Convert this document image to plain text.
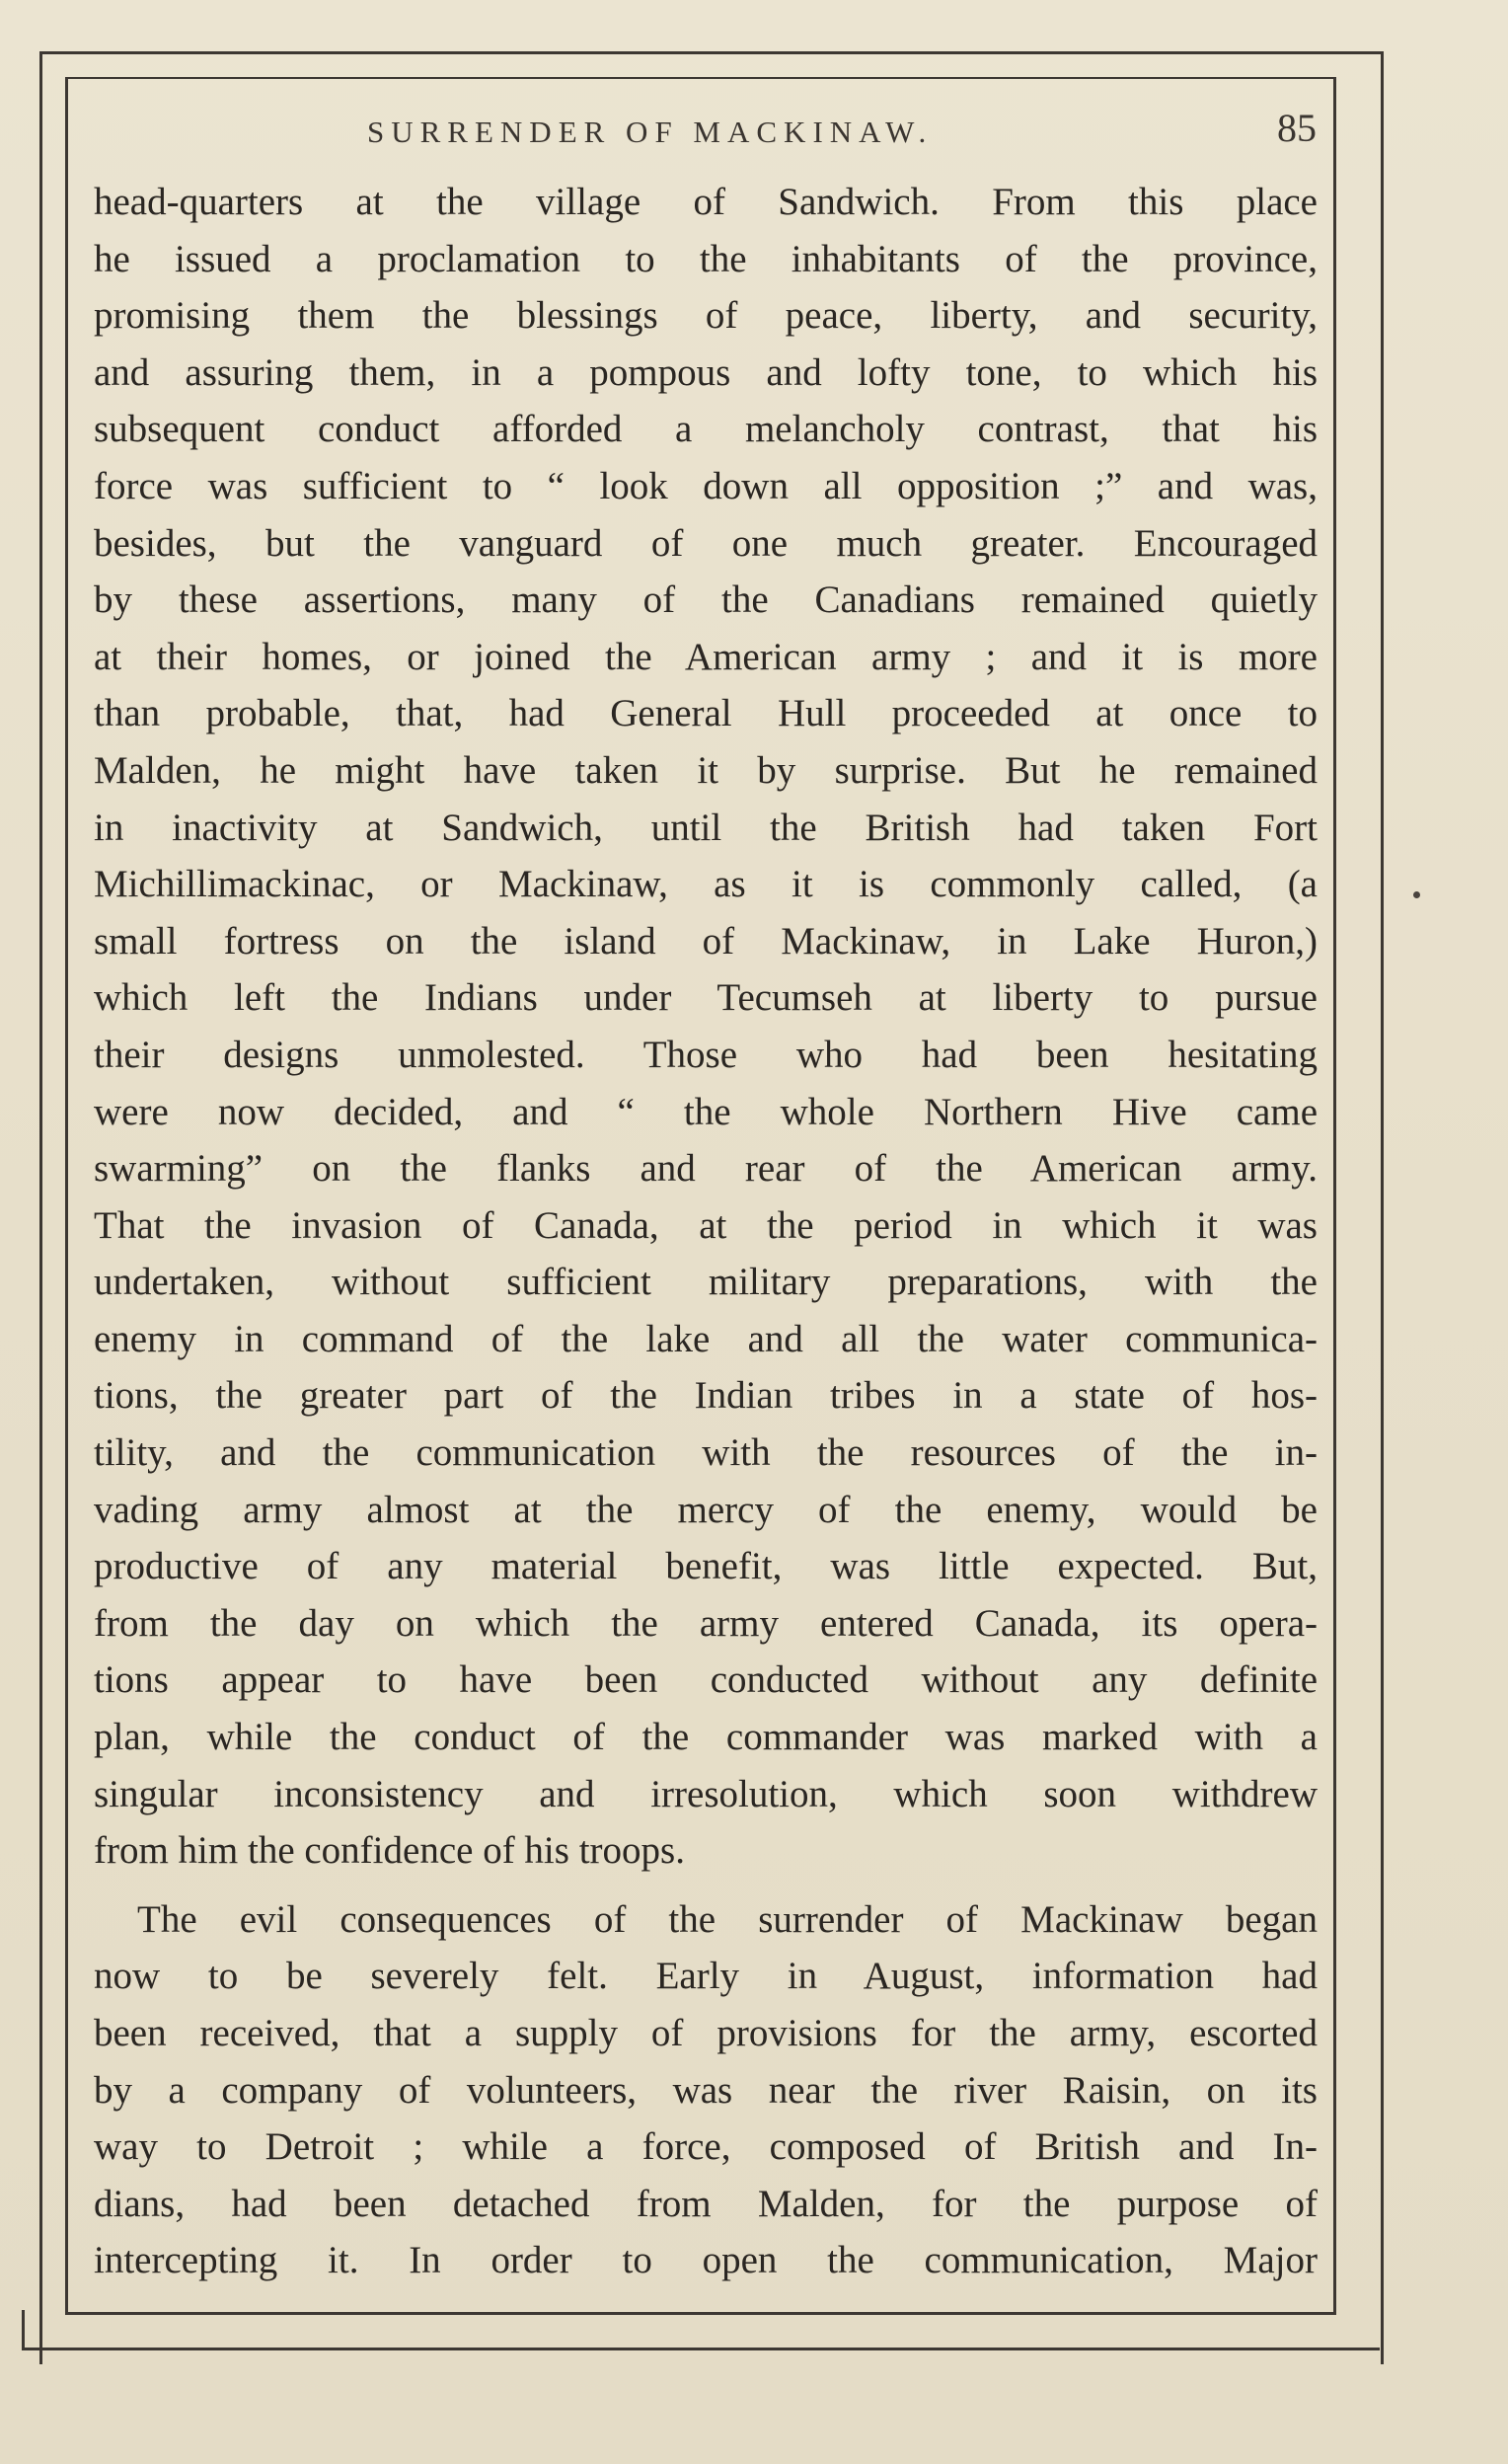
SURRENDER OF MACKINAW.	85
head-quarters at the village of Sandwich. From this place
he issued a proclamation to the inhabitants of the province,
promising them the blessings of peace, liberty, and security,
and assuring them, in a pompous and lofty tone, to which his
subsequent conduct afforded a melancholy contrast, that his
force was sufficient to “ look down all opposition ;” and was,
besides, but the vanguard of one much greater. Encouraged
by these assertions, many of the Canadians remained quietly
at their homes, or joined the American army ; and it is more
than probable, that, had General Hull proceeded at once to
Malden, he might have taken it by surprise. But he remained
in inactivity at Sandwich, until the British had taken Fort
Michillimackinac, or Mackinaw, as it is commonly called, (a
small fortress on the island of Mackinaw, in Lake Huron,)
which left the Indians under Tecumseh at liberty to pursue
their designs unmolested. Those who had been hesitating
were now decided, and “ the whole Northern Hive came
swarming” on the flanks and rear of the American army.
That the invasion of Canada, at the period in which it was
undertaken, without sufficient military preparations, with the
enemy in command of the lake and all the water communica-
tions, the greater part of the Indian tribes in a state of hos-
tility, and the communication with the resources of the in-
vading army almost at the mercy of the enemy, would be
productive of any material benefit, was little expected. But,
from the day on which the army entered Canada, its opera-
tions appear to have been conducted without any definite
plan, while the conduct of the commander was marked with a
singular inconsistency and irresolution, which soon withdrew
from him the confidence of his troops.
The evil consequences of the surrender of Mackinaw began
now to be severely felt. Early in August, information had
been received, that a supply of provisions for the army, escorted
by a company of volunteers, was near the river Raisin, on its
way to Detroit ; while a force, composed of British and In-
dians, had been detached from Malden, for the purpose of
intercepting it. In order to open the communication, Major
